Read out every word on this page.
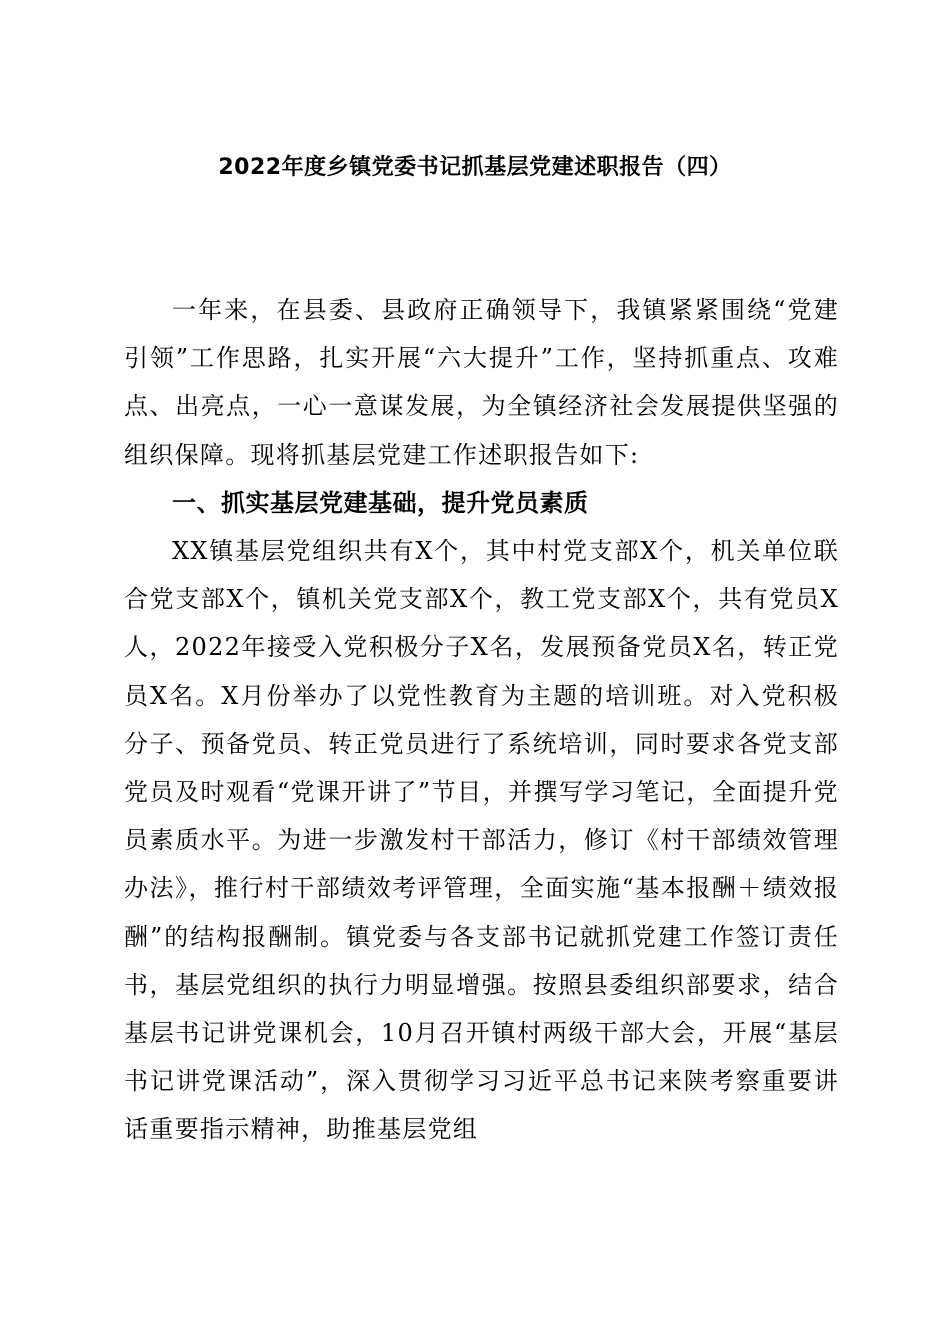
2022年度乡镇党委书记抓基层党建述职报告（四）

一年来，在县委、县政府正确领导下，我镇紧紧围绕“党建引领”工作思路，扎实开展“六大提升”工作，坚持抓重点、攻难点、出亮点，一心一意谋发展，为全镇经济社会发展提供坚强的组织保障。现将抓基层党建工作述职报告如下:

一、抓实基层党建基础，提升党员素质

XX镇基层党组织共有X个，其中村党支部X个，机关单位联合党支部X个，镇机关党支部X个，教工党支部X个，共有党员X人，2022年接受入党积极分子X名，发展预备党员X名，转正党员X名。X月份举办了以党性教育为主题的培训班。对入党积极分子、预备党员、转正党员进行了系统培训，同时要求各党支部党员及时观看“党课开讲了”节目，并撰写学习笔记，全面提升党员素质水平。为进一步激发村干部活力，修订《村干部绩效管理办法》，推行村干部绩效考评管理，全面实施“基本报酬＋绩效报酬”的结构报酬制。镇党委与各支部书记就抓党建工作签订责任书，基层党组织的执行力明显增强。按照县委组织部要求，结合基层书记讲党课机会，10月召开镇村两级干部大会，开展“基层书记讲党课活动”，深入贯彻学习习近平总书记来陕考察重要讲话重要指示精神，助推基层党组
